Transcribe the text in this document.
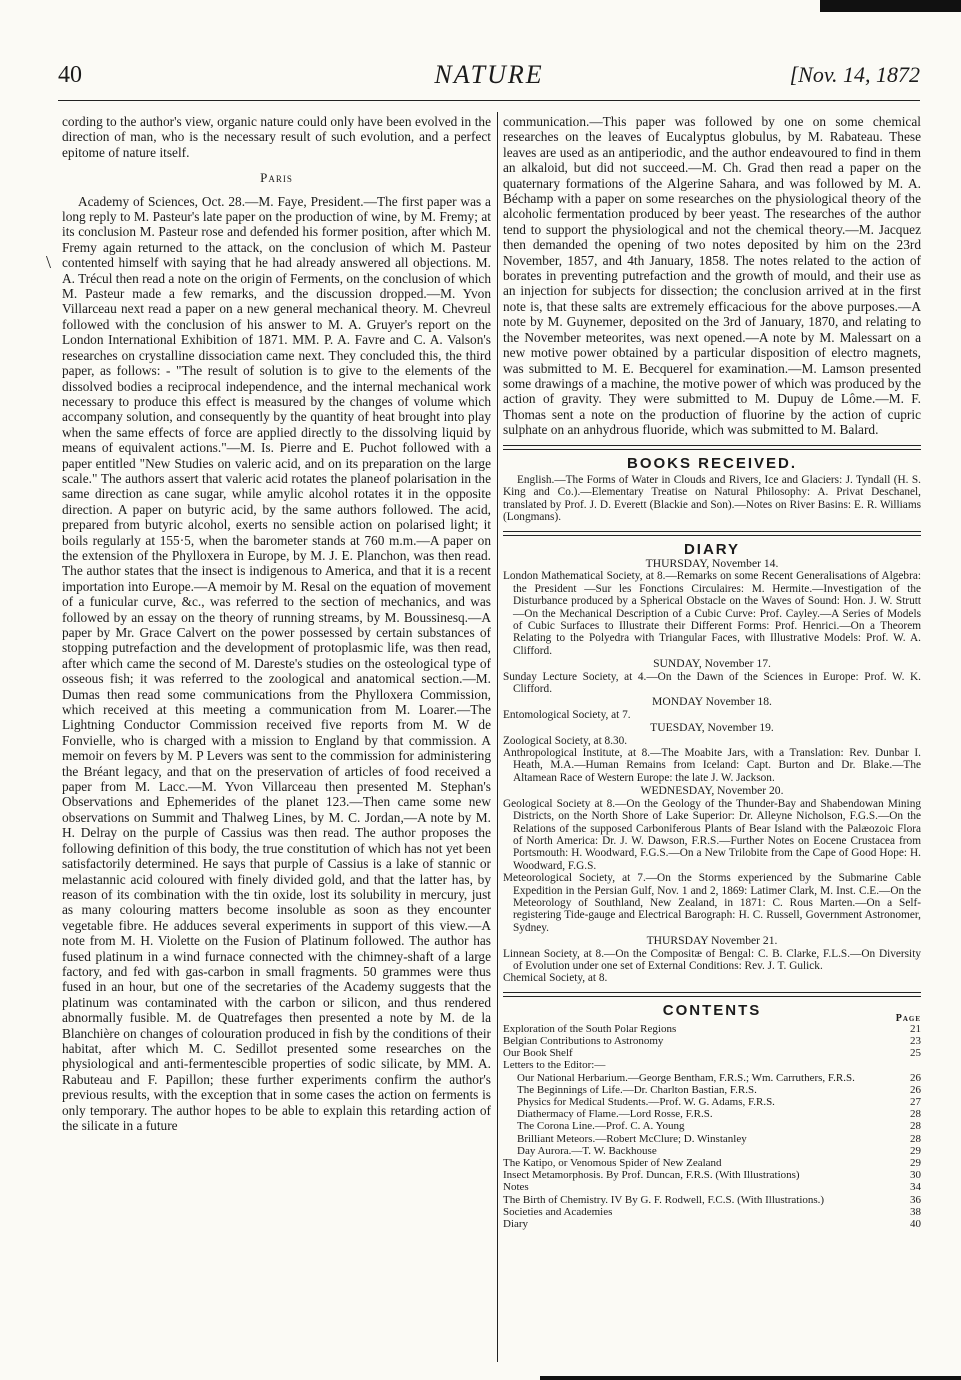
40	NATURE	[Nov. 14, 1872
\

cording to the author's view, organic nature could only have been evolved in the direction of man, who is the necessary result of such evolution, and a perfect epitome of nature itself.

Paris

Academy of Sciences, Oct. 28.—M. Faye, President.—The first paper was a long reply to M. Pasteur's late paper on the production of wine, by M. Fremy; at its conclusion M. Pasteur rose and defended his former position, after which M. Fremy again returned to the attack, on the conclusion of which M. Pasteur contented himself with saying that he had already answered all objections. M. A. Trécul then read a note on the origin of Ferments, on the conclusion of which M. Pasteur made a few remarks, and the discussion dropped.—M. Yvon Villarceau next read a paper on a new general mechanical theory. M. Chevreul followed with the conclusion of his answer to M. A. Gruyer's report on the London International Exhibition of 1871. MM. P. A. Favre and C. A. Valson's researches on crystalline dissociation came next. They concluded this, the third paper, as follows: - "The result of solution is to give to the elements of the dissolved bodies a reciprocal independence, and the internal mechanical work necessary to produce this effect is measured by the changes of volume which accompany solution, and consequently by the quantity of heat brought into play when the same effects of force are applied directly to the dissolving liquid by means of equivalent actions."—M. Is. Pierre and E. Puchot followed with a paper entitled "New Studies on valeric acid, and on its preparation on the large scale." The authors assert that valeric acid rotates the planeof polarisation in the same direction as cane sugar, while amylic alcohol rotates it in the opposite direction. A paper on butyric acid, by the same authors followed. The acid, prepared from butyric alcohol, exerts no sensible action on polarised light; it boils regularly at 155·5, when the barometer stands at 760 m.m.—A paper on the extension of the Phylloxera in Europe, by M. J. E. Planchon, was then read. The author states that the insect is indigenous to America, and that it is a recent importation into Europe.—A memoir by M. Resal on the equation of movement of a funicular curve, &c., was referred to the section of mechanics, and was followed by an essay on the theory of running streams, by M. Boussinesq.—A paper by Mr. Grace Calvert on the power possessed by certain substances of stopping putrefaction and the development of protoplasmic life, was then read, after which came the second of M. Dareste's studies on the osteological type of osseous fish; it was referred to the zoological and anatomical section.—M. Dumas then read some communications from the Phylloxera Commission, which received at this meeting a communication from M. Loarer.—The Lightning Conductor Commission received five reports from M. W de Fonvielle, who is charged with a mission to England by that commission. A memoir on fevers by M. P Levers was sent to the commission for administering the Bréant legacy, and that on the preservation of articles of food received a paper from M. Lacc.—M. Yvon Villarceau then presented M. Stephan's Observations and Ephemerides of the planet 123.—Then came some new observations on Summit and Thalweg Lines, by M. C. Jordan,—A note by M. H. Delray on the purple of Cassius was then read. The author proposes the following definition of this body, the true constitution of which has not yet been satisfactorily determined. He says that purple of Cassius is a lake of stannic or melastannic acid coloured with finely divided gold, and that the latter has, by reason of its combination with the tin oxide, lost its solubility in mercury, just as many colouring matters become insoluble as soon as they encounter vegetable fibre. He adduces several experiments in support of this view.—A note from M. H. Violette on the Fusion of Platinum followed. The author has fused platinum in a wind furnace connected with the chimney-shaft of a large factory, and fed with gas-carbon in small fragments. 50 grammes were thus fused in an hour, but one of the secretaries of the Academy suggests that the platinum was contaminated with the carbon or silicon, and thus rendered abnormally fusible. M. de Quatrefages then presented a note by M. de la Blanchière on changes of colouration produced in fish by the conditions of their habitat, after which M. C. Sedillot presented some researches on the physiological and anti-fermentescible properties of sodic silicate, by MM. A. Rabuteau and F. Papillon; these further experiments confirm the author's previous results, with the exception that in some cases the action on ferments is only temporary. The author hopes to be able to explain this retarding action of the silicate in a future

communication.—This paper was followed by one on some chemical researches on the leaves of Eucalyptus globulus, by M. Rabateau. These leaves are used as an antiperiodic, and the author endeavoured to find in them an alkaloid, but did not succeed.—M. Ch. Grad then read a paper on the quaternary formations of the Algerine Sahara, and was followed by M. A. Béchamp with a paper on some researches on the physiological theory of the alcoholic fermentation produced by beer yeast. The researches of the author tend to support the physiological and not the chemical theory.—M. Jacquez then demanded the opening of two notes deposited by him on the 23rd November, 1857, and 4th January, 1858. The notes related to the action of borates in preventing putrefaction and the growth of mould, and their use as an injection for subjects for dissection; the conclusion arrived at in the first note is, that these salts are extremely efficacious for the above purposes.—A note by M. Guynemer, deposited on the 3rd of January, 1870, and relating to the November meteorites, was next opened.—A note by M. Malessart on a new motive power obtained by a particular disposition of electro magnets, was submitted to M. E. Becquerel for examination.—M. Lamson presented some drawings of a machine, the motive power of which was produced by the action of gravity. They were submitted to M. Dupuy de Lôme.—M. F. Thomas sent a note on the production of fluorine by the action of cupric sulphate on an anhydrous fluoride, which was submitted to M. Balard.

BOOKS RECEIVED.

English.—The Forms of Water in Clouds and Rivers, Ice and Glaciers: J. Tyndall (H. S. King and Co.).—Elementary Treatise on Natural Philosophy: A. Privat Deschanel, translated by Prof. J. D. Everett (Blackie and Son).—Notes on River Basins: E. R. Williams (Longmans).

DIARY
THURSDAY, November 14.

London Mathematical Society, at 8.—Remarks on some Recent Generalisations of Algebra: the President —Sur les Fonctions Circulaires: M. Hermite.—Investigation of the Disturbance produced by a Spherical Obstacle on the Waves of Sound: Hon. J. W. Strutt —On the Mechanical Description of a Cubic Curve: Prof. Cayley.—A Series of Models of Cubic Surfaces to Illustrate their Different Forms: Prof. Henrici.—On a Theorem Relating to the Polyedra with Triangular Faces, with Illustrative Models: Prof. W. A. Clifford.

SUNDAY, November 17.

Sunday Lecture Society, at 4.—On the Dawn of the Sciences in Europe: Prof. W. K. Clifford.

MONDAY November 18.

Entomological Society, at 7.

TUESDAY, November 19.

Zoological Society, at 8.30.

Anthropological Institute, at 8.—The Moabite Jars, with a Translation: Rev. Dunbar I. Heath, M.A.—Human Remains from Iceland: Capt. Burton and Dr. Blake.—The Altamean Race of Western Europe: the late J. W. Jackson.

WEDNESDAY, November 20.

Geological Society at 8.—On the Geology of the Thunder-Bay and Shabendowan Mining Districts, on the North Shore of Lake Superior: Dr. Alleyne Nicholson, F.G.S.—On the Relations of the supposed Carboniferous Plants of Bear Island with the Palæozoic Flora of North America: Dr. J. W. Dawson, F.R.S.—Further Notes on Eocene Crustacea from Portsmouth: H. Woodward, F.G.S.—On a New Trilobite from the Cape of Good Hope: H. Woodward, F.G.S.

Meteorological Society, at 7.—On the Storms experienced by the Submarine Cable Expedition in the Persian Gulf, Nov. 1 and 2, 1869: Latimer Clark, M. Inst. C.E.—On the Meteorology of Southland, New Zealand, in 1871: C. Rous Marten.—On a Self-registering Tide-gauge and Electrical Barograph: H. C. Russell, Government Astronomer, Sydney.

THURSDAY November 21.

Linnean Society, at 8.—On the Compositæ of Bengal: C. B. Clarke, F.L.S.—On Diversity of Evolution under one set of External Conditions: Rev. J. T. Gulick.

Chemical Society, at 8.

CONTENTS	Page
Exploration of the South Polar Regions	21
Belgian Contributions to Astronomy	23
Our Book Shelf	25
Letters to the Editor:—
Our National Herbarium.—George Bentham, F.R.S.; Wm. Carruthers, F.R.S.	26
The Beginnings of Life.—Dr. Charlton Bastian, F.R.S.	26
Physics for Medical Students.—Prof. W. G. Adams, F.R.S.	27
Diathermacy of Flame.—Lord Rosse, F.R.S.	28
The Corona Line.—Prof. C. A. Young	28
Brilliant Meteors.—Robert McClure; D. Winstanley	28
Day Aurora.—T. W. Backhouse	29
The Katipo, or Venomous Spider of New Zealand	29
Insect Metamorphosis. By Prof. Duncan, F.R.S. (With Illustrations)	30
Notes	34
The Birth of Chemistry. IV By G. F. Rodwell, F.C.S. (With Illustrations.)	36
Societies and Academies	38
Diary	40
